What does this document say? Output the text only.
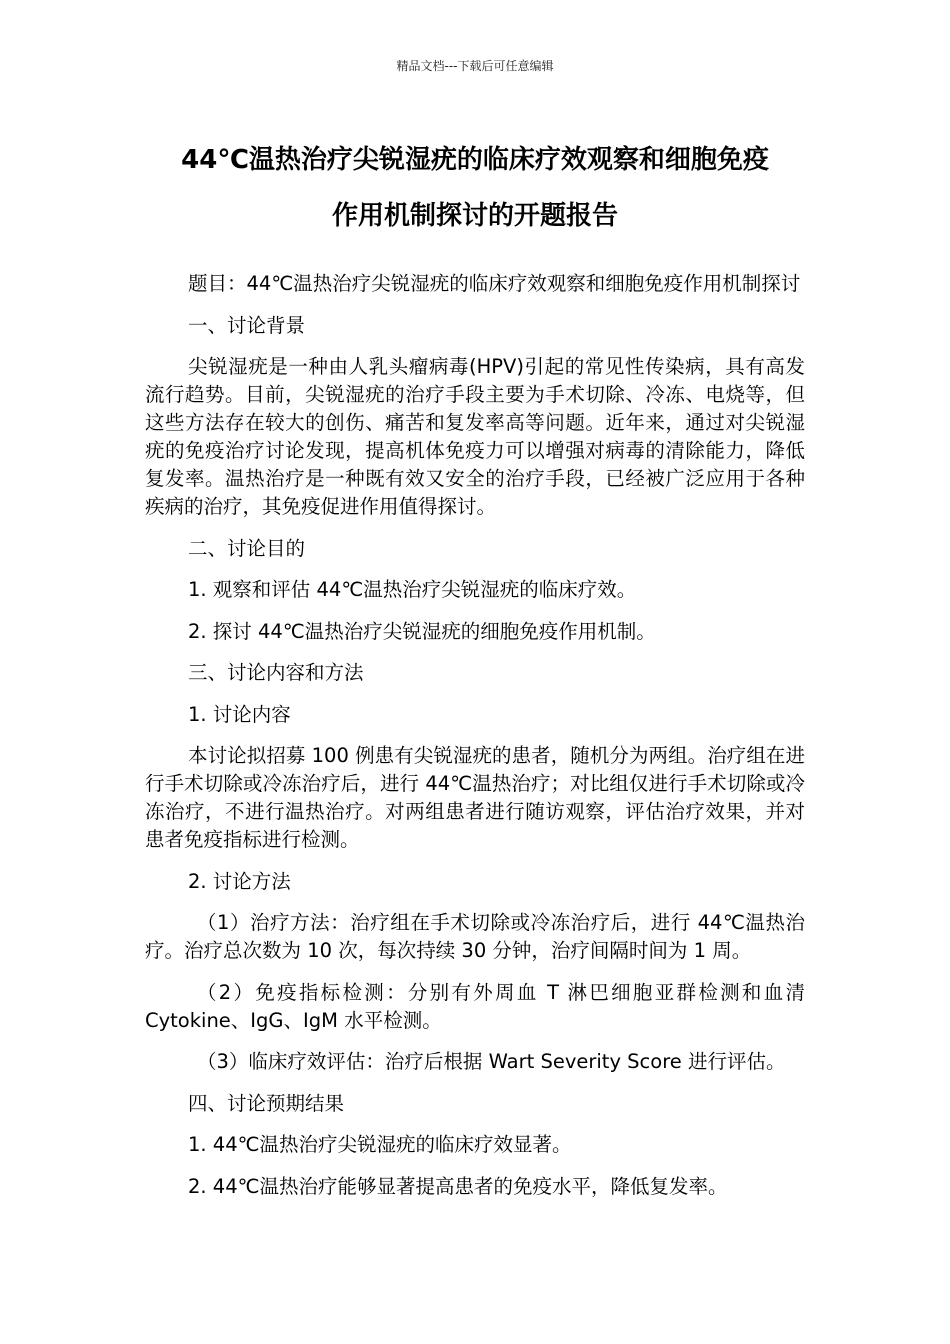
精品文档---下载后可任意编辑
44℃温热治疗尖锐湿疣的临床疗效观察和细胞免疫
作用机制探讨的开题报告

题目：44℃温热治疗尖锐湿疣的临床疗效观察和细胞免疫作用机制探讨

一、讨论背景

尖锐湿疣是一种由人乳头瘤病毒(HPV)引起的常见性传染病，具有高发流行趋势。目前，尖锐湿疣的治疗手段主要为手术切除、冷冻、电烧等，但这些方法存在较大的创伤、痛苦和复发率高等问题。近年来，通过对尖锐湿疣的免疫治疗讨论发现，提高机体免疫力可以增强对病毒的清除能力，降低复发率。温热治疗是一种既有效又安全的治疗手段，已经被广泛应用于各种疾病的治疗，其免疫促进作用值得探讨。

二、讨论目的

1. 观察和评估 44℃温热治疗尖锐湿疣的临床疗效。

2. 探讨 44℃温热治疗尖锐湿疣的细胞免疫作用机制。

三、讨论内容和方法

1. 讨论内容

本讨论拟招募 100 例患有尖锐湿疣的患者，随机分为两组。治疗组在进行手术切除或冷冻治疗后，进行 44℃温热治疗；对比组仅进行手术切除或冷冻治疗，不进行温热治疗。对两组患者进行随访观察，评估治疗效果，并对患者免疫指标进行检测。

2. 讨论方法

（1）治疗方法：治疗组在手术切除或冷冻治疗后，进行 44℃温热治疗。治疗总次数为 10 次，每次持续 30 分钟，治疗间隔时间为 1 周。

（2）免疫指标检测：分别有外周血 T 淋巴细胞亚群检测和血清 Cytokine、IgG、IgM 水平检测。

（3）临床疗效评估：治疗后根据 Wart Severity Score 进行评估。

四、讨论预期结果

1. 44℃温热治疗尖锐湿疣的临床疗效显著。

2. 44℃温热治疗能够显著提高患者的免疫水平，降低复发率。
